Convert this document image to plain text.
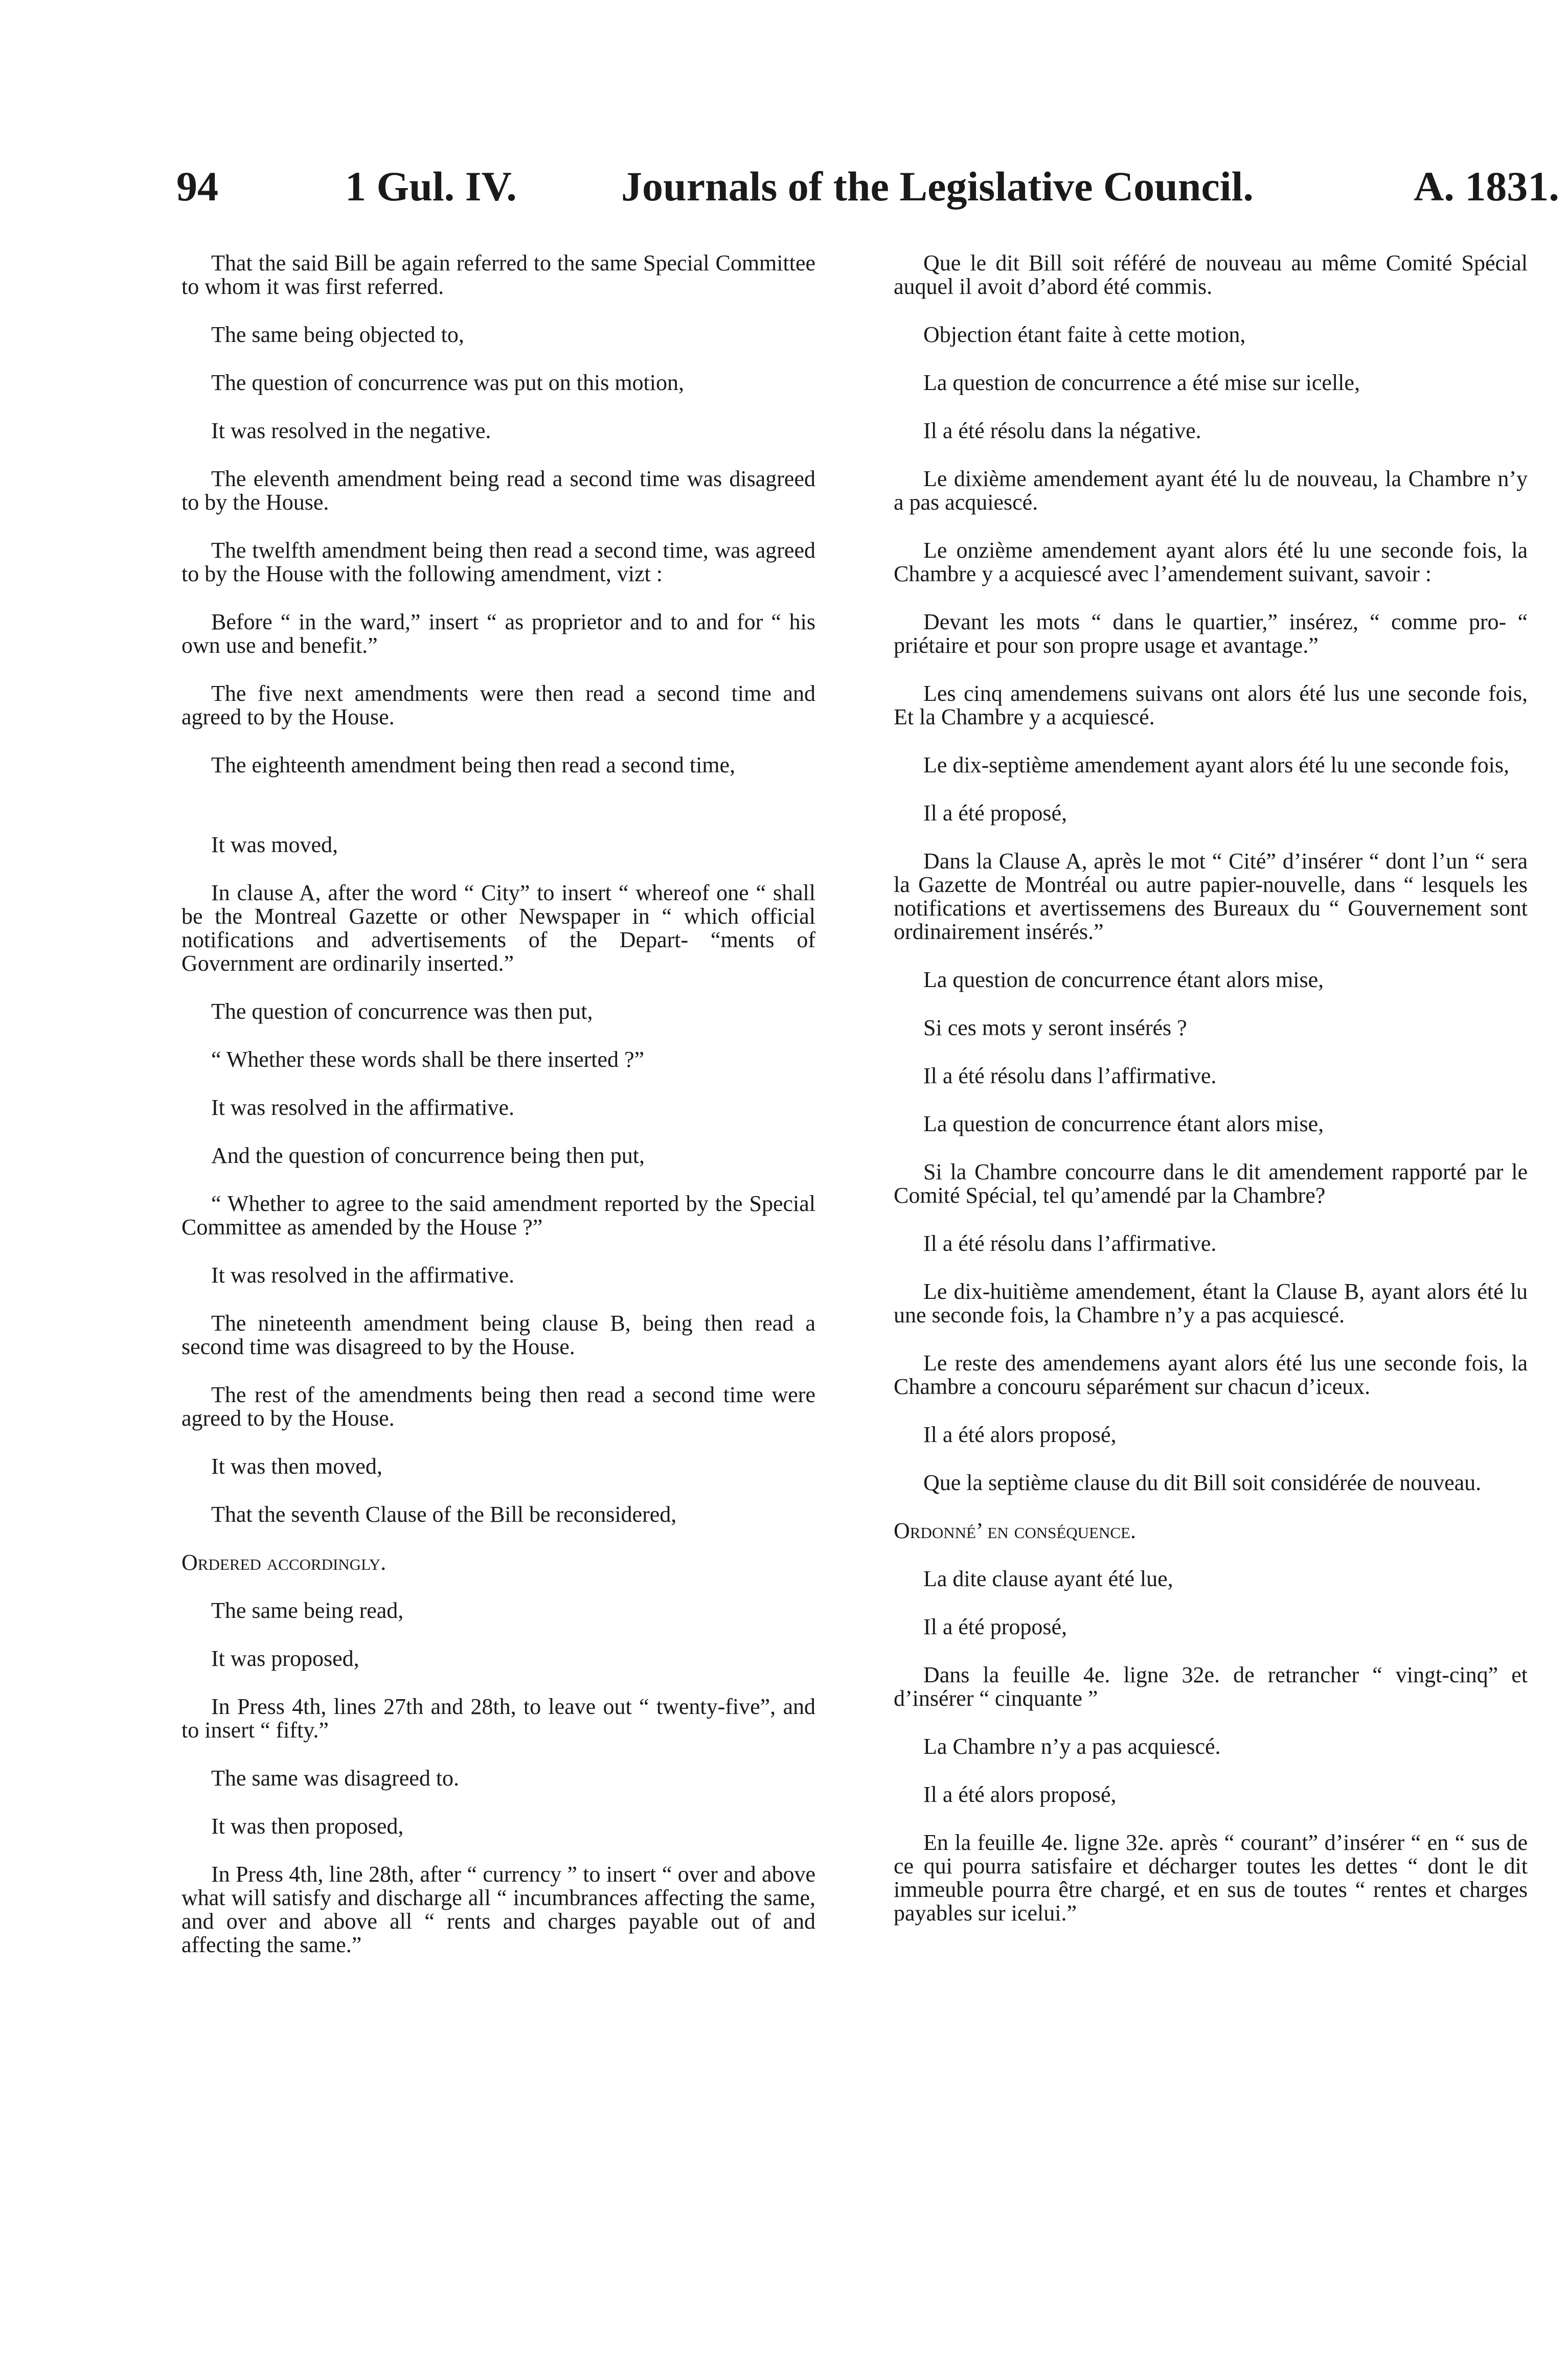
94	1 Gul. IV. Journals of the Legislative Council.	A. 1831.

That the said Bill be again referred to the same Special Committee to whom it was first referred.

The same being objected to,

The question of concurrence was put on this motion,

It was resolved in the negative.

The eleventh amendment being read a second time was disagreed to by the House.

The twelfth amendment being then read a second time, was agreed to by the House with the following amendment, vizt :

Before “ in the ward,” insert “ as proprietor and to and for “ his own use and benefit.”

The five next amendments were then read a second time and agreed to by the House.

The eighteenth amendment being then read a second time,

It was moved,

In clause A, after the word “ City” to insert “ whereof one “ shall be the Montreal Gazette or other Newspaper in “ which official notifications and advertisements of the Depart- “ments of Government are ordinarily inserted.”

The question of concurrence was then put,

“ Whether these words shall be there inserted ?”

It was resolved in the affirmative.

And the question of concurrence being then put,

“ Whether to agree to the said amendment reported by the Special Committee as amended by the House ?”

It was resolved in the affirmative.

The nineteenth amendment being clause B, being then read a second time was disagreed to by the House.

The rest of the amendments being then read a second time were agreed to by the House.

It was then moved,

That the seventh Clause of the Bill be reconsidered,

Ordered accordingly.

The same being read,

It was proposed,

In Press 4th, lines 27th and 28th, to leave out “ twenty-five”, and to insert “ fifty.”

The same was disagreed to.

It was then proposed,

In Press 4th, line 28th, after “ currency ” to insert “ over and above what will satisfy and discharge all “ incumbrances affecting the same, and over and above all “ rents and charges payable out of and affecting the same.”

Que le dit Bill soit référé de nouveau au même Comité Spécial auquel il avoit d’abord été commis.

Objection étant faite à cette motion,

La question de concurrence a été mise sur icelle,

Il a été résolu dans la négative.

Le dixième amendement ayant été lu de nouveau, la Chambre n’y a pas acquiescé.

Le onzième amendement ayant alors été lu une seconde fois, la Chambre y a acquiescé avec l’amendement suivant, savoir :

Devant les mots “ dans le quartier,” insérez, “ comme pro- “ priétaire et pour son propre usage et avantage.”

Les cinq amendemens suivans ont alors été lus une seconde fois, Et la Chambre y a acquiescé.

Le dix-septième amendement ayant alors été lu une seconde fois,

Il a été proposé,

Dans la Clause A, après le mot “ Cité” d’insérer “ dont l’un “ sera la Gazette de Montréal ou autre papier-nouvelle, dans “ lesquels les notifications et avertissemens des Bureaux du “ Gouvernement sont ordinairement insérés.”

La question de concurrence étant alors mise,

Si ces mots y seront insérés ?

Il a été résolu dans l’affirmative.

La question de concurrence étant alors mise,

Si la Chambre concourre dans le dit amendement rapporté par le Comité Spécial, tel qu’amendé par la Chambre?

Il a été résolu dans l’affirmative.

Le dix-huitième amendement, étant la Clause B, ayant alors été lu une seconde fois, la Chambre n’y a pas acquiescé.

Le reste des amendemens ayant alors été lus une seconde fois, la Chambre a concouru séparément sur chacun d’iceux.

Il a été alors proposé,

Que la septième clause du dit Bill soit considérée de nouveau.

Ordonné’ en conséquence.

La dite clause ayant été lue,

Il a été proposé,

Dans la feuille 4e. ligne 32e. de retrancher “ vingt-cinq” et d’insérer “ cinquante ”

La Chambre n’y a pas acquiescé.

Il a été alors proposé,

En la feuille 4e. ligne 32e. après “ courant” d’insérer “ en “ sus de ce qui pourra satisfaire et décharger toutes les dettes “ dont le dit immeuble pourra être chargé, et en sus de toutes “ rentes et charges payables sur icelui.”
